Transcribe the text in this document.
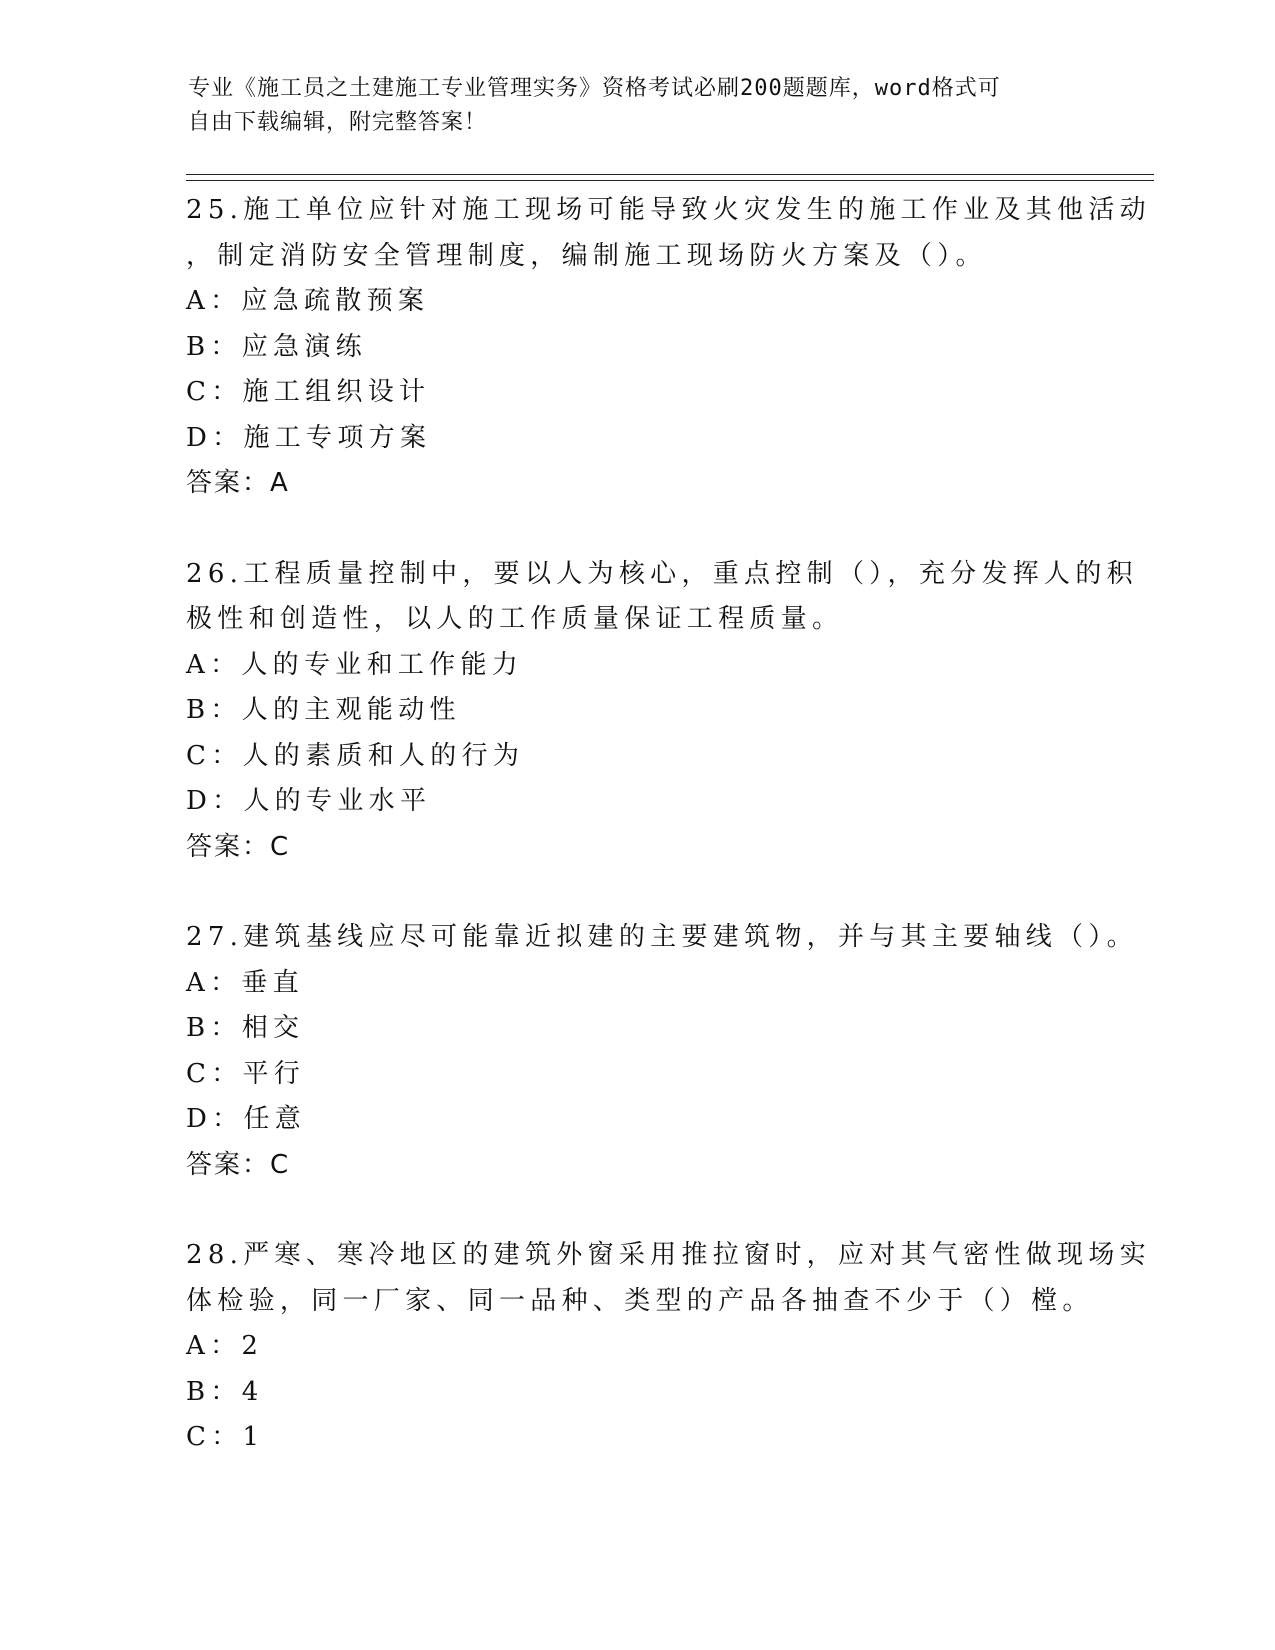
专业《施工员之土建施工专业管理实务》资格考试必刷200题题库，word格式可
自由下载编辑，附完整答案！
25.施工单位应针对施工现场可能导致火灾发生的施工作业及其他活动
，制定消防安全管理制度，编制施工现场防火方案及（）。
A：应急疏散预案
B：应急演练
C：施工组织设计
D：施工专项方案
答案：A
26.工程质量控制中，要以人为核心，重点控制（），充分发挥人的积
极性和创造性，以人的工作质量保证工程质量。
A：人的专业和工作能力
B：人的主观能动性
C：人的素质和人的行为
D：人的专业水平
答案：C
27.建筑基线应尽可能靠近拟建的主要建筑物，并与其主要轴线（）。
A：垂直
B：相交
C：平行
D：任意
答案：C
28.严寒、寒冷地区的建筑外窗采用推拉窗时，应对其气密性做现场实
体检验，同一厂家、同一品种、类型的产品各抽查不少于（）樘。
A：2
B：4
C：1
